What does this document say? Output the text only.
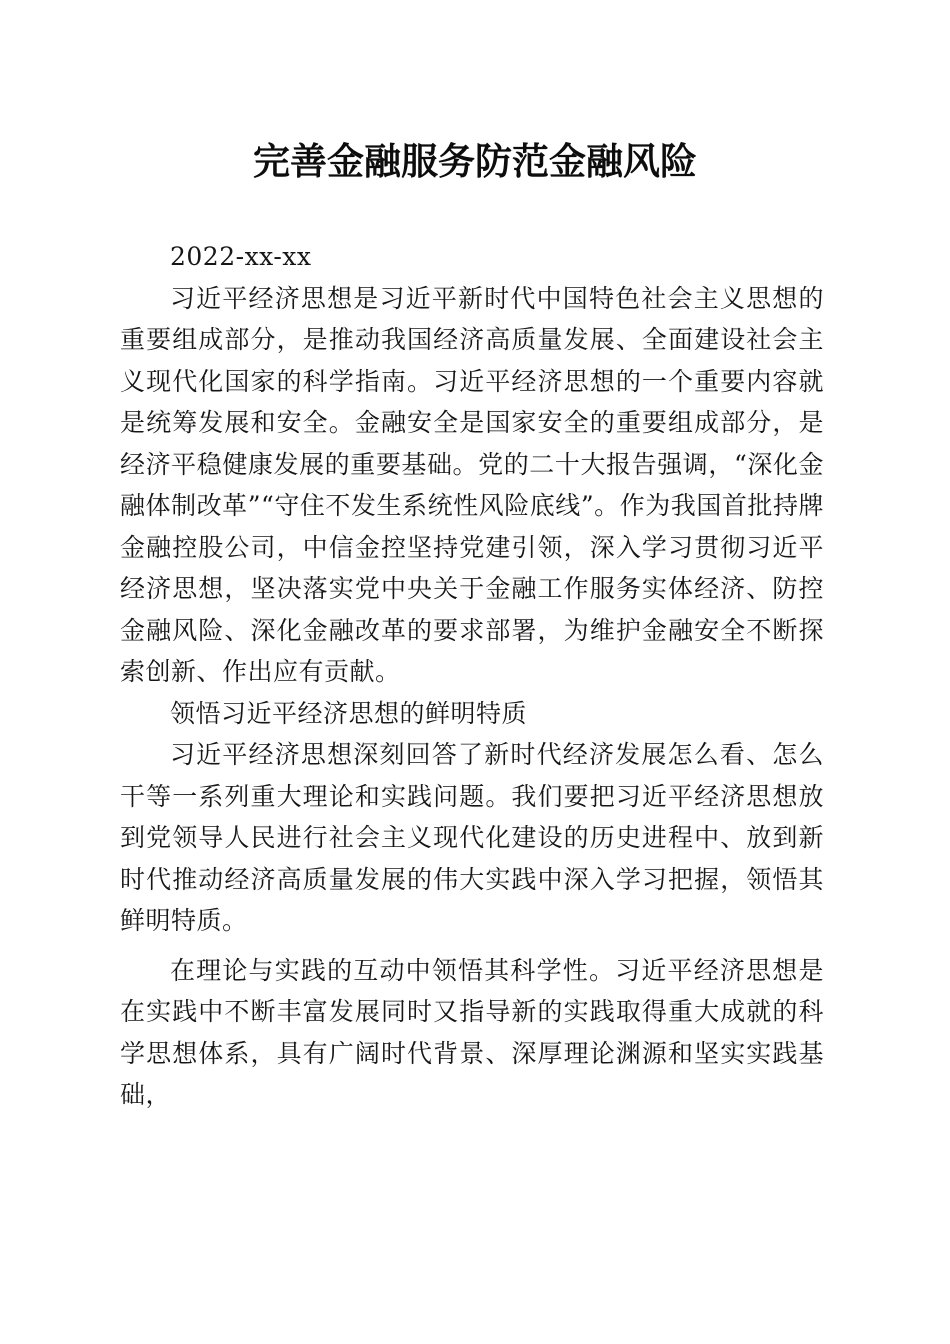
完善金融服务防范金融风险

2022-xx-xx

习近平经济思想是习近平新时代中国特色社会主义思想的重要组成部分，是推动我国经济高质量发展、全面建设社会主义现代化国家的科学指南。习近平经济思想的一个重要内容就是统筹发展和安全。金融安全是国家安全的重要组成部分，是经济平稳健康发展的重要基础。党的二十大报告强调，“深化金融体制改革”“守住不发生系统性风险底线”。作为我国首批持牌金融控股公司，中信金控坚持党建引领，深入学习贯彻习近平经济思想，坚决落实党中央关于金融工作服务实体经济、防控金融风险、深化金融改革的要求部署，为维护金融安全不断探索创新、作出应有贡献。

领悟习近平经济思想的鲜明特质

习近平经济思想深刻回答了新时代经济发展怎么看、怎么干等一系列重大理论和实践问题。我们要把习近平经济思想放到党领导人民进行社会主义现代化建设的历史进程中、放到新时代推动经济高质量发展的伟大实践中深入学习把握，领悟其鲜明特质。

在理论与实践的互动中领悟其科学性。习近平经济思想是在实践中不断丰富发展同时又指导新的实践取得重大成就的科学思想体系，具有广阔时代背景、深厚理论渊源和坚实实践基础，
